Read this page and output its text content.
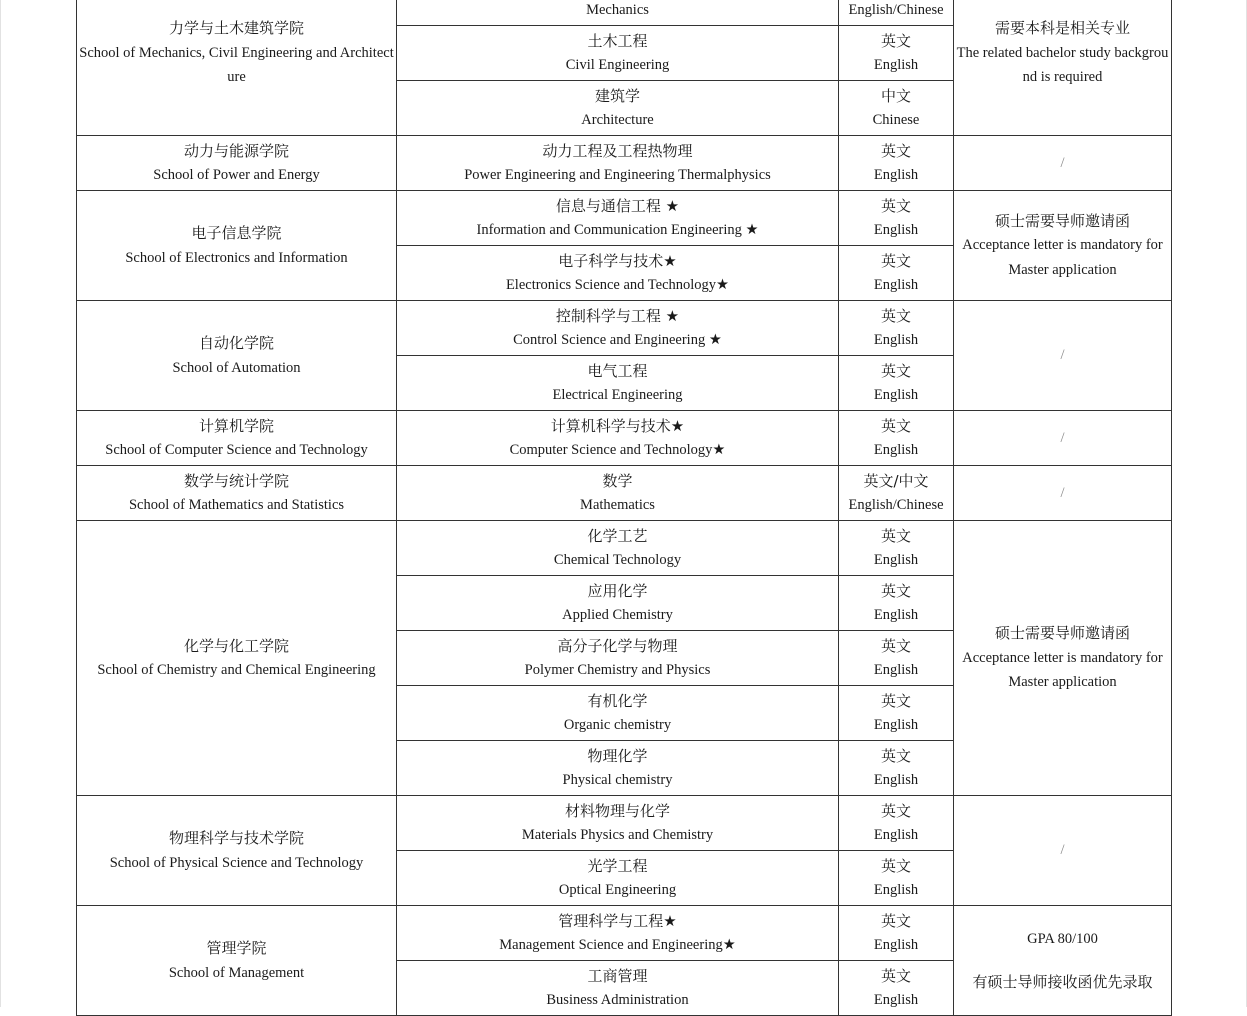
力学与土木建筑学院
School of Mechanics, Civil Engineering and Architecture	Mechanics	English/Chinese	需要本科是相关专业
The related bachelor study background is required

	土木工程
Civil Engineering	英文
English	

	建筑学
Architecture	中文
Chinese	

动力与能源学院
School of Power and Energy	动力工程及工程热物理
Power Engineering and Engineering Thermalphysics	英文
English	/

电子信息学院
School of Electronics and Information	信息与通信工程 ★
Information and Communication Engineering ★	英文
English	硕士需要导师邀请函
Acceptance letter is mandatory for Master application

	电子科学与技术★
Electronics Science and Technology★	英文
English	

自动化学院
School of Automation	控制科学与工程 ★
Control Science and Engineering ★	英文
English	/

	电气工程
Electrical Engineering	英文
English	

计算机学院
School of Computer Science and Technology	计算机科学与技术★
Computer Science and Technology★	英文
English	/

数学与统计学院
School of Mathematics and Statistics	数学
Mathematics	英文/中文
English/Chinese	/

化学与化工学院
School of Chemistry and Chemical Engineering	化学工艺
Chemical Technology	英文
English	硕士需要导师邀请函
Acceptance letter is mandatory for Master application

	应用化学
Applied Chemistry	英文
English	

	高分子化学与物理
Polymer Chemistry and Physics	英文
English	

	有机化学
Organic chemistry	英文
English	

	物理化学
Physical chemistry	英文
English	

物理科学与技术学院
School of Physical Science and Technology	材料物理与化学
Materials Physics and Chemistry	英文
English	/

	光学工程
Optical Engineering	英文
English	

管理学院
School of Management	管理科学与工程★
Management Science and Engineering★	英文
English	GPA 80/100
有硕士导师接收函优先录取

	工商管理
Business Administration	英文
English	
